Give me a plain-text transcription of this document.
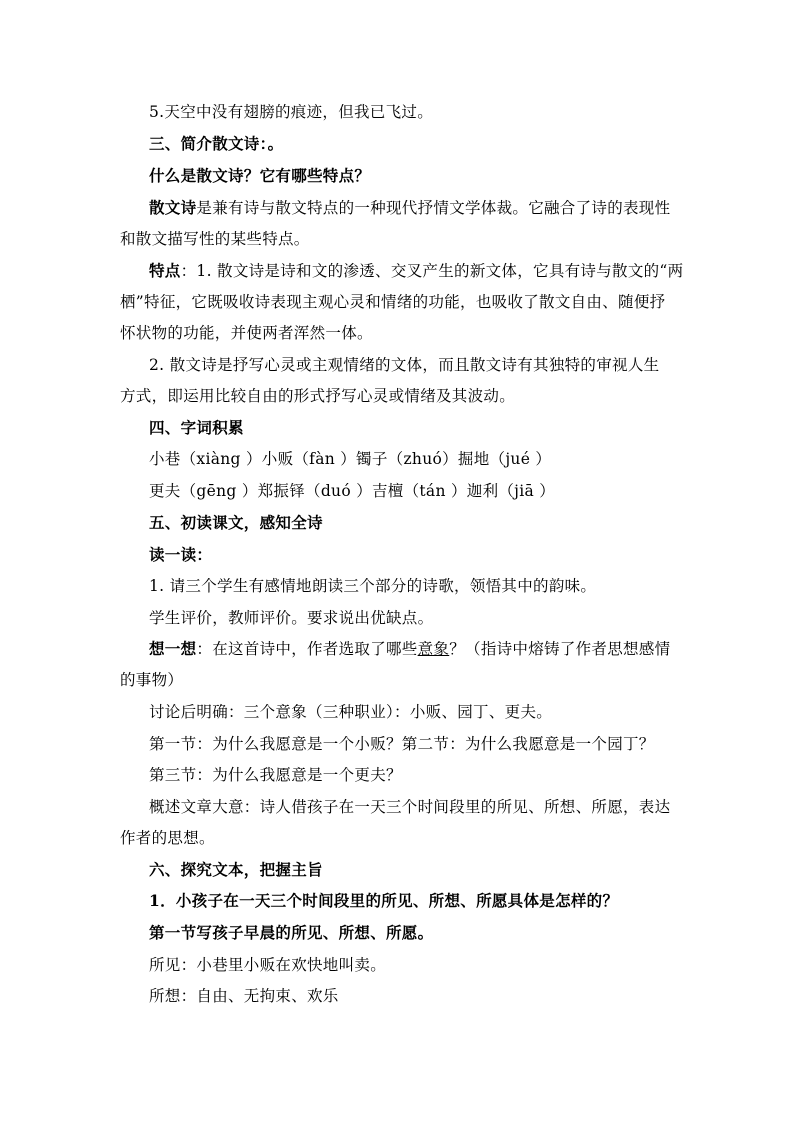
5.天空中没有翅膀的痕迹，但我已飞过。
三、简介散文诗：。
什么是散文诗？它有哪些特点？
散文诗是兼有诗与散文特点的一种现代抒情文学体裁。它融合了诗的表现性
和散文描写性的某些特点。
特点：1. 散文诗是诗和文的渗透、交叉产生的新文体，它具有诗与散文的“两
栖”特征，它既吸收诗表现主观心灵和情绪的功能，也吸收了散文自由、随便抒
怀状物的功能，并使两者浑然一体。
2. 散文诗是抒写心灵或主观情绪的文体，而且散文诗有其独特的审视人生
方式，即运用比较自由的形式抒写心灵或情绪及其波动。
四、字词积累
小巷（xiàng ）小贩（fàn ）镯子（zhuó）掘地（jué ）
更夫（gēng ）郑振铎（duó ）吉檀（tán ）迦利（jiā ）
五、初读课文，感知全诗
读一读：
1. 请三个学生有感情地朗读三个部分的诗歌，领悟其中的韵味。
学生评价，教师评价。要求说出优缺点。
想一想：在这首诗中，作者选取了哪些意象？（指诗中熔铸了作者思想感情
的事物）
讨论后明确：三个意象（三种职业）：小贩、园丁、更夫。
第一节：为什么我愿意是一个小贩？第二节：为什么我愿意是一个园丁？
第三节：为什么我愿意是一个更夫？
概述文章大意：诗人借孩子在一天三个时间段里的所见、所想、所愿，表达
作者的思想。
六、探究文本，把握主旨
1．小孩子在一天三个时间段里的所见、所想、所愿具体是怎样的？
第一节写孩子早晨的所见、所想、所愿。
所见：小巷里小贩在欢快地叫卖。
所想：自由、无拘束、欢乐
